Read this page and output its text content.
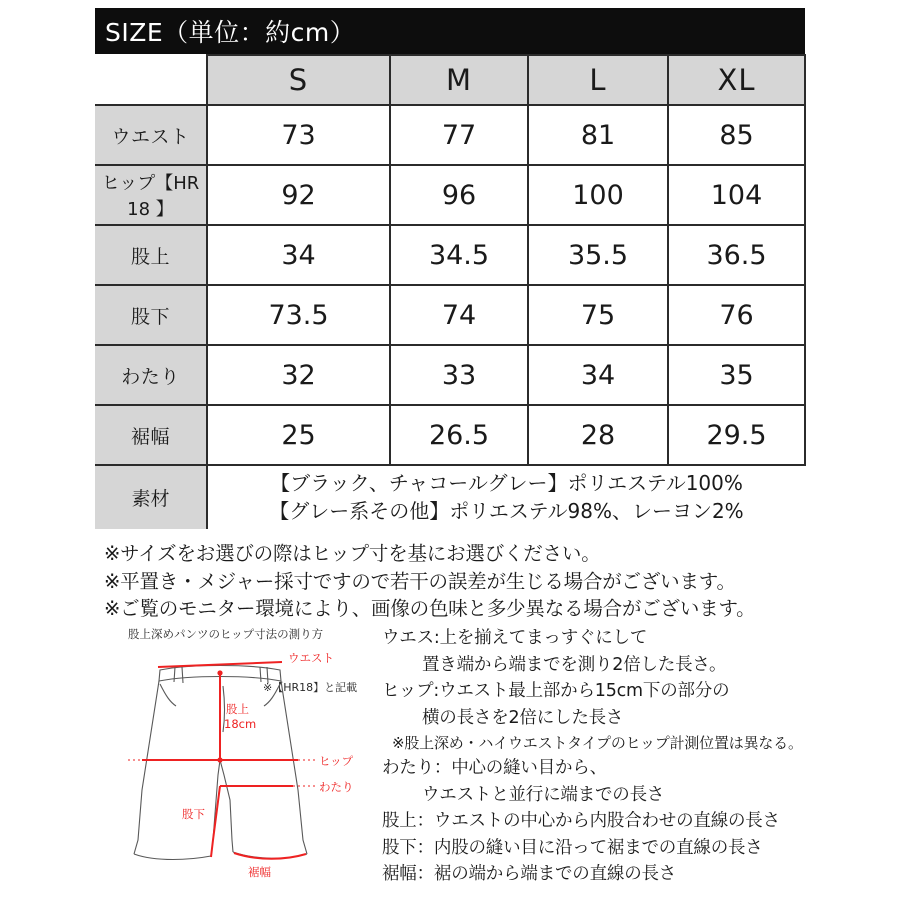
SIZE（単位：約cm）
	S	M	L	XL
ウエスト	73	77	81	85
ヒップ【HR 18 】	92	96	100	104
股上	34	34.5	35.5	36.5
股下	73.5	74	75	76
わたり	32	33	34	35
裾幅	25	26.5	28	29.5
素材	【ブラック、チャコールグレー】ポリエステル100%
【グレー系その他】ポリエステル98%、レーヨン2%			
※サイズをお選びの際はヒップ寸を基にお選びください。
※平置き・メジャー採寸ですので若干の誤差が生じる場合がございます。
※ご覧のモニター環境により、画像の色味と多少異なる場合がございます。
股上深めパンツのヒップ寸法の測り方
※【HR18】と記載
ウエスト
ヒップ
わたり
股上
18cm
股下
裾幅
ウエス:上を揃えてまっすぐにして
置き端から端までを測り2倍した長さ。
ヒップ:ウエスト最上部から15cm下の部分の
横の長さを2倍にした長さ
※股上深め・ハイウエストタイプのヒップ計測位置は異なる。
わたり：中心の縫い目から、
ウエストと並行に端までの長さ
股上：ウエストの中心から内股合わせの直線の長さ
股下：内股の縫い目に沿って裾までの直線の長さ
裾幅：裾の端から端までの直線の長さ
